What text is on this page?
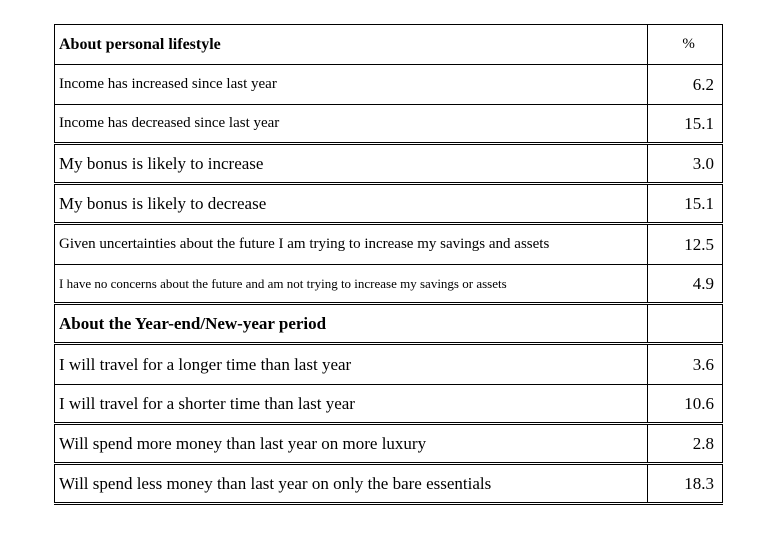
About personal lifestyle	%
Income has increased since last year	6.2
Income has decreased since last year	15.1
My bonus is likely to increase	3.0
My bonus is likely to decrease	15.1
Given uncertainties about the future I am trying to increase my savings and assets	12.5
I have no concerns about the future and am not trying to increase my savings or assets	4.9
About the Year-end/New-year period	
I will travel for a longer time than last year	3.6
I will travel for a shorter time than last year	10.6
Will spend more money than last year on more luxury	2.8
Will spend less money than last year on only the bare essentials	18.3
